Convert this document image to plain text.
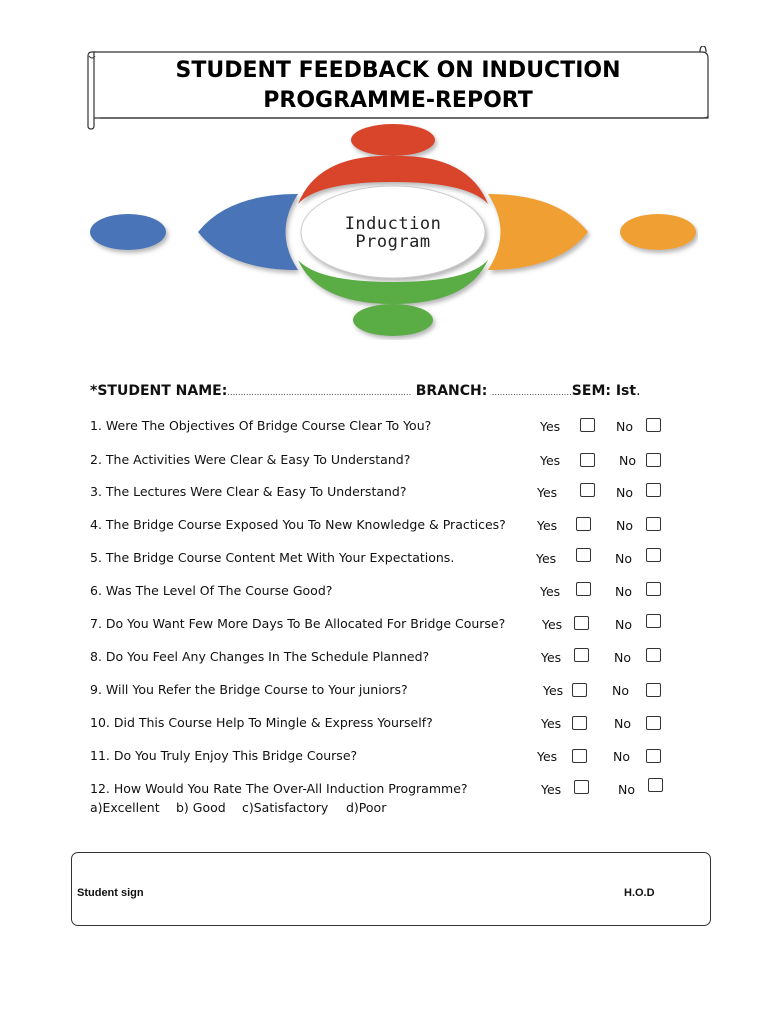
STUDENT FEEDBACK ON INDUCTION
PROGRAMME-REPORT
Induction
Program
*STUDENT NAME:…………………………………………………………… BRANCH: …………………………SEM: Ist.
1. Were The Objectives Of Bridge Course Clear To You?	Yes	No
2. The Activities Were Clear & Easy To Understand?	Yes	No
3. The Lectures Were Clear & Easy To Understand?	Yes	No
4. The Bridge Course Exposed You To New Knowledge & Practices? Yes	No
5. The Bridge Course Content Met With Your Expectations.	Yes	No
6. Was The Level Of The Course Good?	Yes	No
7. Do You Want Few More Days To Be Allocated For Bridge Course?	Yes	No
8. Do You Feel Any Changes In The Schedule Planned?	Yes	No
9. Will You Refer the Bridge Course to Your juniors?	Yes	No
10. Did This Course Help To Mingle & Express Yourself?	Yes	No
11. Do You Truly Enjoy This Bridge Course?	Yes	No
12. How Would You Rate The Over-All Induction Programme?	Yes	No
a)Excellent b) Good c)Satisfactory d)Poor
Student sign	H.O.D
